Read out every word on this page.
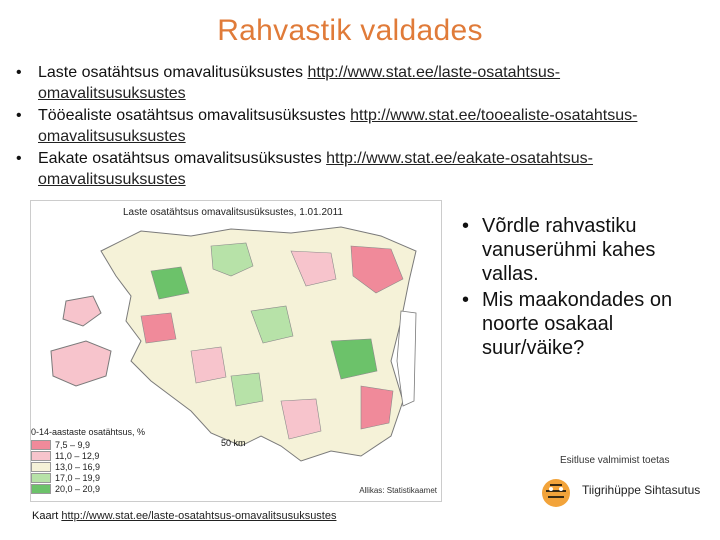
Rahvastik valdades
• Laste osatähtsus omavalitusüksustes http://www.stat.ee/laste-osatahtsus-omavalitsusuksustes
• Tööealiste osatähtsus omavalitsusüksustes http://www.stat.ee/tooealiste-osatahtsus-omavalitsusuksustes
• Eakate osatähtsus omavalitsusüksustes http://www.stat.ee/eakate-osatahtsus-omavalitsusuksustes
Laste osatähtsus omavalitsusüksustes, 1.01.2011
0-14-aastaste osatähtsus, %
7,5 – 9,9
11,0 – 12,9
13,0 – 16,9
17,0 – 19,9
20,0 – 20,9
50 km
Allikas: Statistikaamet
Kaart http://www.stat.ee/laste-osatahtsus-omavalitsusuksustes
• Võrdle rahvastiku vanuserühmi kahes vallas.
• Mis maakondades on noorte osakaal suur/väike?
Esitluse valmimist toetas
Tiigrihüppe Sihtasutus
